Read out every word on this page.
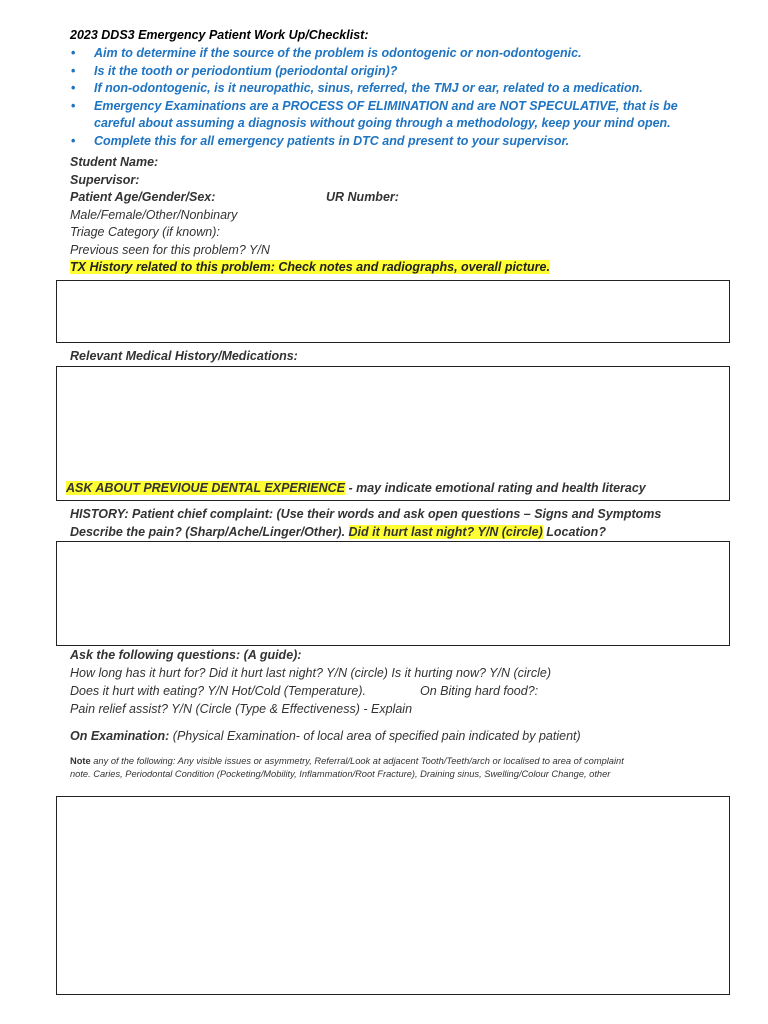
2023 DDS3 Emergency Patient Work Up/Checklist:
• Aim to determine if the source of the problem is odontogenic or non-odontogenic.
• Is it the tooth or periodontium (periodontal origin)?
• If non-odontogenic, is it neuropathic, sinus, referred, the TMJ or ear, related to a medication.
• Emergency Examinations are a PROCESS OF ELIMINATION and are NOT SPECULATIVE, that is be
careful about assuming a diagnosis without going through a methodology, keep your mind open.
• Complete this for all emergency patients in DTC and present to your supervisor.
Student Name:
Supervisor:
Patient Age/Gender/Sex:	UR Number:
Male/Female/Other/Nonbinary
Triage Category (if known):
Previous seen for this problem? Y/N
TX History related to this problem: Check notes and radiographs, overall picture.
Relevant Medical History/Medications:
ASK ABOUT PREVIOUE DENTAL EXPERIENCE - may indicate emotional rating and health literacy
HISTORY: Patient chief complaint: (Use their words and ask open questions – Signs and Symptoms
Describe the pain? (Sharp/Ache/Linger/Other). Did it hurt last night? Y/N (circle) Location?
Ask the following questions: (A guide):
How long has it hurt for? Did it hurt last night? Y/N (circle) Is it hurting now? Y/N (circle)
Does it hurt with eating? Y/N Hot/Cold (Temperature).	On Biting hard food?:
Pain relief assist? Y/N (Circle (Type & Effectiveness) - Explain
On Examination: (Physical Examination- of local area of specified pain indicated by patient)
Note any of the following: Any visible issues or asymmetry, Referral/Look at adjacent Tooth/Teeth/arch or localised to area of complaint
note. Caries, Periodontal Condition (Pocketing/Mobility, Inflammation/Root Fracture), Draining sinus, Swelling/Colour Change, other
